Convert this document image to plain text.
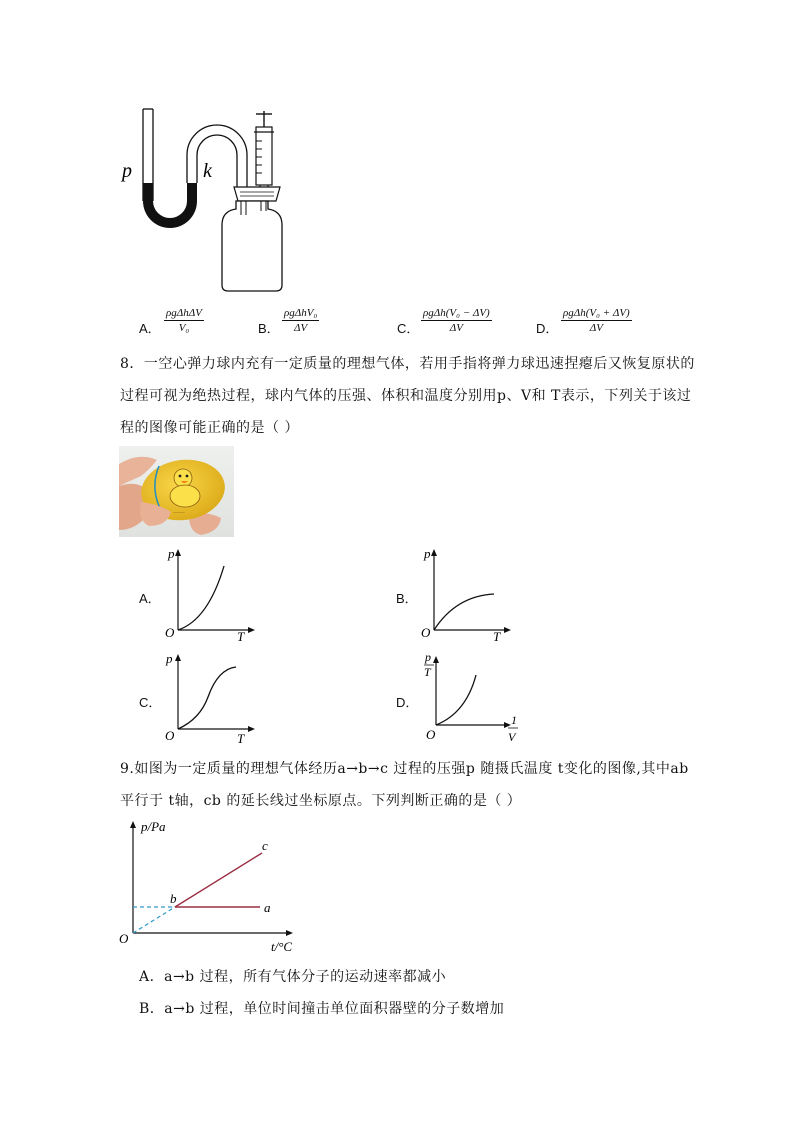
p	k
A．
ρgΔhΔV
V₀	B．
ρgΔhV₀
ΔV	C．
ρgΔh(V₀ − ΔV)
ΔV	D．
ρgΔh(V₀ + ΔV)
ΔV
8．一空心弹力球内充有一定质量的理想气体，若用手指将弹力球迅速捏瘪后又恢复原状的
过程可视为绝热过程，球内气体的压强、体积和温度分别用p、V和 T表示，下列关于该过
程的图像可能正确的是（ ）
～～～
A．
p
T
O
B．
p
T
O
C．
p
T
O
D．
p
T
1
V
O
9.如图为一定质量的理想气体经历a→b→c 过程的压强p 随摄氏温度 t变化的图像,其中ab
平行于 t轴，cb 的延长线过坐标原点。下列判断正确的是（ ）
p/Pa
t/°C
O
a
b
c
A．a→b 过程，所有气体分子的运动速率都减小
B．a→b 过程，单位时间撞击单位面积器壁的分子数增加
